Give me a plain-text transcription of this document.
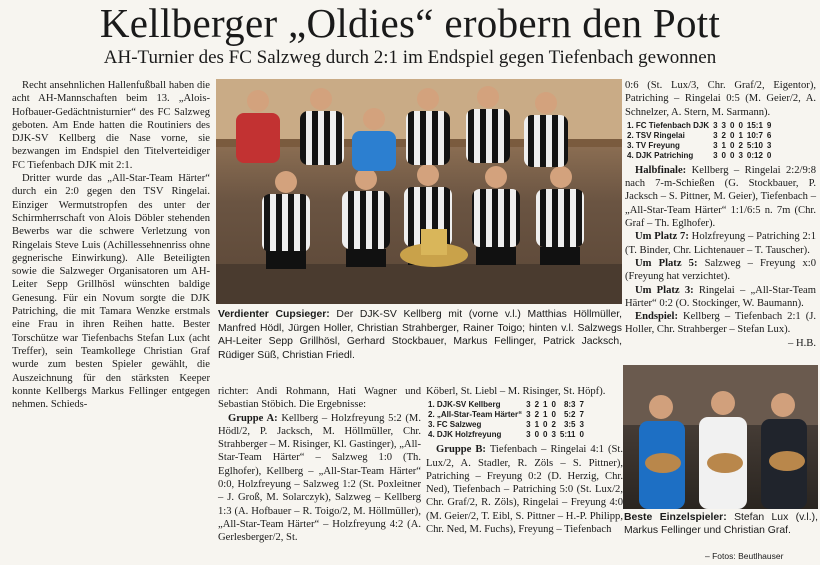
Kellberger „Oldies“ erobern den Pott
AH-Turnier des FC Salzweg durch 2:1 im Endspiel gegen Tiefenbach gewonnen

Recht ansehnlichen Hallenfußball haben die acht AH-Mannschaften beim 13. „Alois-Hofbauer-Gedächtnisturnier“ des FC Salzweg geboten. Am Ende hatten die Routiniers des DJK-SV Kellberg die Nase vorne, sie bezwangen im Endspiel den Titelverteidiger FC Tiefenbach DJK mit 2:1.

Dritter wurde das „All-Star-Team Härter“ durch ein 2:0 gegen den TSV Ringelai. Einziger Wermutstropfen des unter der Schirmherrschaft von Alois Döbler stehenden Bewerbs war die schwere Verletzung von Ringelais Steve Luis (Achillessehnenriss ohne gegnerische Einwirkung). Alle Beteiligten sowie die Salzweger Organisatoren um AH-Leiter Sepp Grillhösl wünschten baldige Genesung. Für ein Novum sorgte die DJK Patriching, die mit Tamara Wenzke erstmals eine Frau in ihren Reihen hatte. Bester Torschütze war Tiefenbachs Stefan Lux (acht Treffer), sein Teamkollege Christian Graf wurde zum besten Spieler gewählt, die Auszeichnung für den stärksten Keeper konnte Kellbergs Markus Fellinger entgegen nehmen. Schieds-

Verdienter Cupsieger: Der DJK-SV Kellberg mit (vorne v.l.) Matthias Höllmüller, Manfred Hödl, Jürgen Holler, Christian Strahberger, Rainer Toigo; hinten v.l. Salzwegs AH-Leiter Sepp Grillhösl, Gerhard Stockbauer, Markus Fellinger, Patrick Jacksch, Rüdiger Süß, Christian Friedl.

richter: Andi Rohmann, Hati Wagner und Sebastian Stöbich. Die Ergebnisse:

Gruppe A: Kellberg – Holzfreyung 5:2 (M. Hödl/2, P. Jacksch, M. Höllmüller, Chr. Strahberger – M. Risinger, Kl. Gastinger), „All-Star-Team Härter“ – Salzweg 1:0 (Th. Eglhofer), Kellberg – „All-Star-Team Härter“ 0:0, Holzfreyung – Salzweg 1:2 (St. Poxleitner – J. Groß, M. Solarczyk), Salzweg – Kellberg 1:3 (A. Hofbauer – R. Toigo/2, M. Höllmüller), „All-Star-Team Härter“ – Holzfreyung 4:2 (A. Gerlesberger/2, St.

Köberl, St. Liebl – M. Risinger, St. Höpf).

1. DJK-SV Kellberg	3	2	1	0	8:3	7
2. „All-Star-Team Härter“	3	2	1	0	5:2	7
3. FC Salzweg	3	1	0	2	3:5	3
4. DJK Holzfreyung	3	0	0	3	5:11	0

Gruppe B: Tiefenbach – Ringelai 4:1 (St. Lux/2, A. Stadler, R. Zöls – S. Pittner), Patriching – Freyung 0:2 (D. Herzig, Chr. Ned), Tiefenbach – Patriching 5:0 (St. Lux/2, Chr. Graf/2, R. Zöls), Ringelai – Freyung 4:0 (M. Geier/2, T. Eibl, S. Pittner – H.-P. Philipp, Chr. Ned, M. Fuchs), Freyung – Tiefenbach

0:6 (St. Lux/3, Chr. Graf/2, Eigentor), Patriching – Ringelai 0:5 (M. Geier/2, A. Schnelzer, A. Stern, M. Sarmann).

1. FC Tiefenbach DJK	3	3	0	0	15:1	9
2. TSV Ringelai	3	2	0	1	10:7	6
3. TV Freyung	3	1	0	2	5:10	3
4. DJK Patriching	3	0	0	3	0:12	0

Halbfinale: Kellberg – Ringelai 2:2/9:8 nach 7-m-Schießen (G. Stockbauer, P. Jacksch – S. Pittner, M. Geier), Tiefenbach – „All-Star-Team Härter“ 1:1/6:5 n. 7m (Chr. Graf – Th. Eglhofer).

Um Platz 7: Holzfreyung – Patriching 2:1 (T. Binder, Chr. Lichtenauer – T. Tauscher).

Um Platz 5: Salzweg – Freyung x:0 (Freyung hat verzichtet).

Um Platz 3: Ringelai – „All-Star-Team Härter“ 0:2 (O. Stockinger, W. Baumann).

Endspiel: Kellberg – Tiefenbach 2:1 (J. Holler, Chr. Strahberger – Stefan Lux).

– H.B.

Beste Einzelspieler: Stefan Lux (v.l.), Markus Fellinger und Christian Graf.
– Fotos: Beutlhauser
